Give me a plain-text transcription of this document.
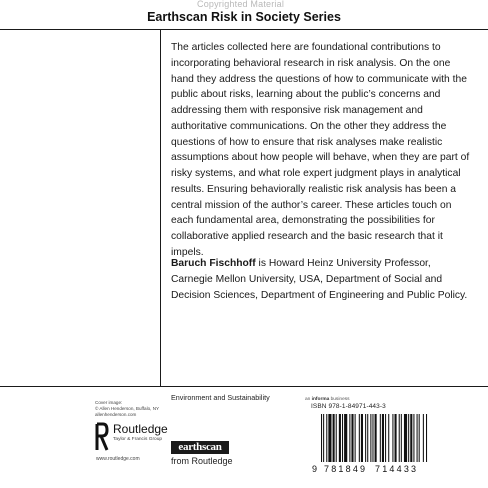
Copyrighted Material
Earthscan Risk in Society Series

The articles collected here are foundational contributions to incorporating behavioral research in risk analysis. On the one hand they address the questions of how to communicate with the public about risks, learning about the public’s concerns and addressing them with responsive risk management and authoritative communications. On the other they address the questions of how to ensure that risk analyses make realistic assumptions about how people will behave, when they are part of risky systems, and what role expert judgment plays in analytical results. Ensuring behaviorally realistic risk analysis has been a central mission of the author’s career. These articles touch on each fundamental area, demonstrating the possibilities for collaborative applied research and the basic research that it impels.

Baruch Fischhoff is Howard Heinz University Professor, Carnegie Mellon University, USA, Department of Social and Decision Sciences, Department of Engineering and Public Policy.

Cover image:
© Allen Henderson, Buffalo, NY
allenhenderson.com
Routledge
Taylor & Francis Group
www.routledge.com
Environment and Sustainability
earthscan
from Routledge
an informa business
ISBN 978-1-84971-443-3
9 781849 714433
